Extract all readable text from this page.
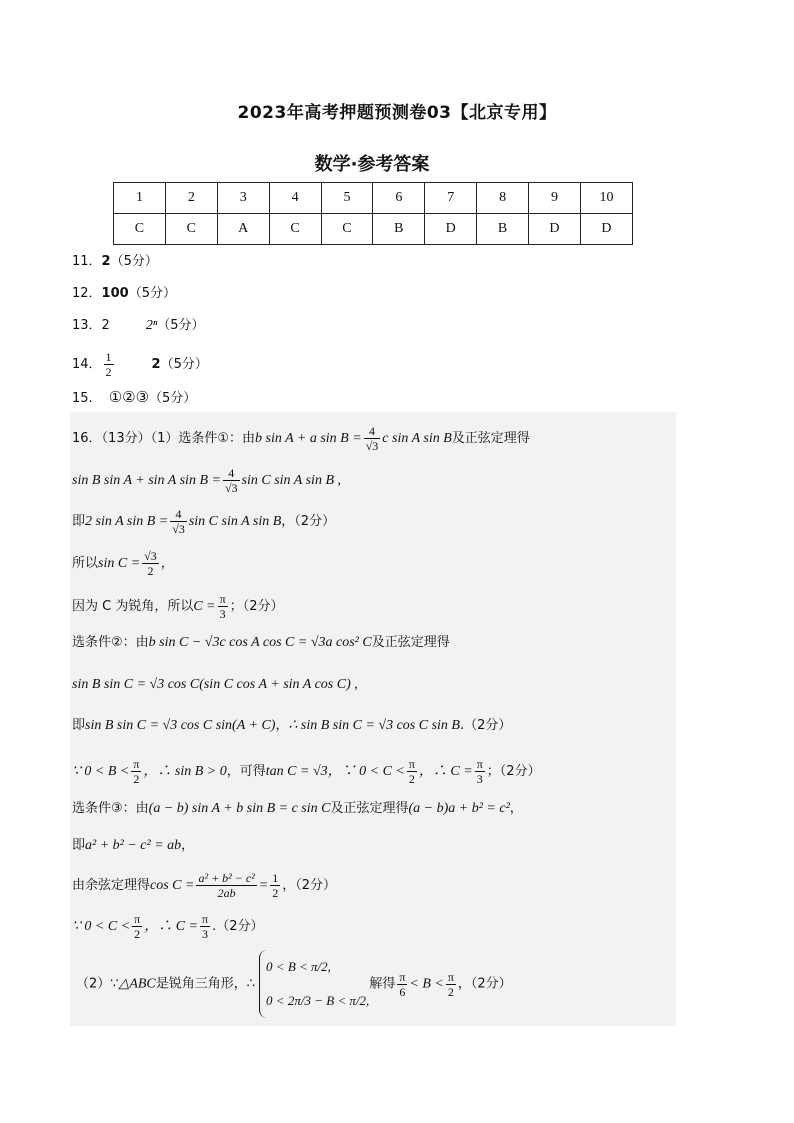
2023年高考押题预测卷03【北京专用】
数学·参考答案
1	2	3	4	5	6	7	8	9	10
C	C	A	C	C	B	D	B	D	D
11．2（5分）
12．100（5分）
13．2	2ⁿ（5分）
14． $\frac{1}{2}$	2（5分）
15. ①②③（5分）
16．（13分）（1）选条件①：由b sin A + a $\sin B = \frac{4}{√3}$ c sin A sin B及正弦定理得
sin B sin A + sin A $\sin B = \frac{4}{√3}$ sin C sin A sin B ,
即2 sin A $\sin B = \frac{4}{√3}$ sin C sin A sin B，（2分）
所以$\sin C = \frac{√3}{2}$ ，
因为 C 为锐角，所以$C = \frac{\pi}{3}$ ；（2分）
选条件②：由b sin C − √3c cos A cos C = √3a cos² C及正弦定理得
sin B sin C = √3 cos C(sin C cos A + sin A cos C) ,
即sin B sin C = √3 cos C sin(A + C)，∴ sin B sin C = √3 cos C sin B.（2分）
∵ $0 < B < \frac{\pi}{2}$ ，∴ sin B > 0，可得tan C = √3，∵ $0 < C < \frac{\pi}{2}$ ，∴ $C = \frac{\pi}{3}$ ；（2分）
选条件③：由(a − b) sin A + b sin B = c sin C及正弦定理得(a − b)a + b² = c²，
即a² + b² − c² = ab，
由余弦定理得$\cos C = \frac{\text{a² + b² − c²}}{2ab} = \frac{1}{2}$ ，（2分）
∵ $0 < C < \frac{\pi}{2}$ ，∴ $C = \frac{\pi}{3} .(2$分）
（2）∵△ABC是锐角三角形，∴
0 < B < π/2,
0 < 2π/3 − B < π/2,
解得 $\frac{\pi}{6} < B < \frac{\pi}{2}$ ，（2分）
